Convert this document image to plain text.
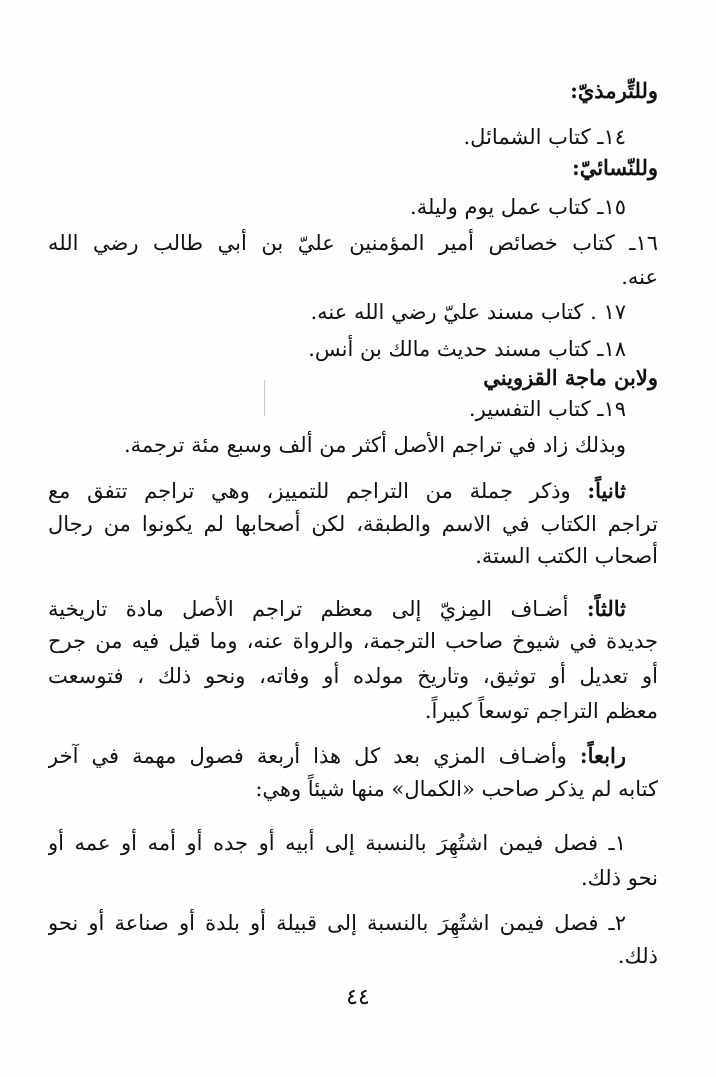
وللتِّرمذيّ:
١٤ـ كتاب الشمائل.
وللنّسائيّ:
١٥ـ كتاب عمل يوم وليلة.
١٦ـ كتاب خصائص أمير المؤمنين عليّ بن أبي طالب رضي الله
عنه.
١٧ . كتاب مسند عليّ رضي الله عنه.
١٨ـ كتاب مسند حديث مالك بن أنس.
ولابن ماجة القزويني
١٩ـ كتاب التفسير.
وبذلك زاد في تراجم الأصل أكثر من ألف وسبع مئة ترجمة.
ثانياً: وذكر جملة من التراجم للتمييز، وهي تراجم تتفق مع
تراجم الكتاب في الاسم والطبقة، لكن أصحابها لم يكونوا من رجال
أصحاب الكتب الستة.
ثالثاً: أضـاف المِزيّ إلى معظم تراجم الأصل مادة تاريخية
جديدة في شيوخ صاحب الترجمة، والرواة عنه، وما قيل فيه من جرح
أو تعديل أو توثيق، وتاريخ مولده أو وفاته، ونحو ذلك ، فتوسعت
معظم التراجم توسعاً كبيراً.
رابعاً: وأضـاف المزي بعد كل هذا أربعة فصول مهمة في آخر
كتابه لم يذكر صاحب «الكمال» منها شيئاً وهي:
١ـ فصل فيمن اشتُهِرَ بالنسبة إلى أبيه أو جده أو أمه أو عمه أو
نحو ذلك.
٢ـ فصل فيمن اشتُهِرَ بالنسبة إلى قبيلة أو بلدة أو صناعة أو نحو
ذلك.
٤٤
